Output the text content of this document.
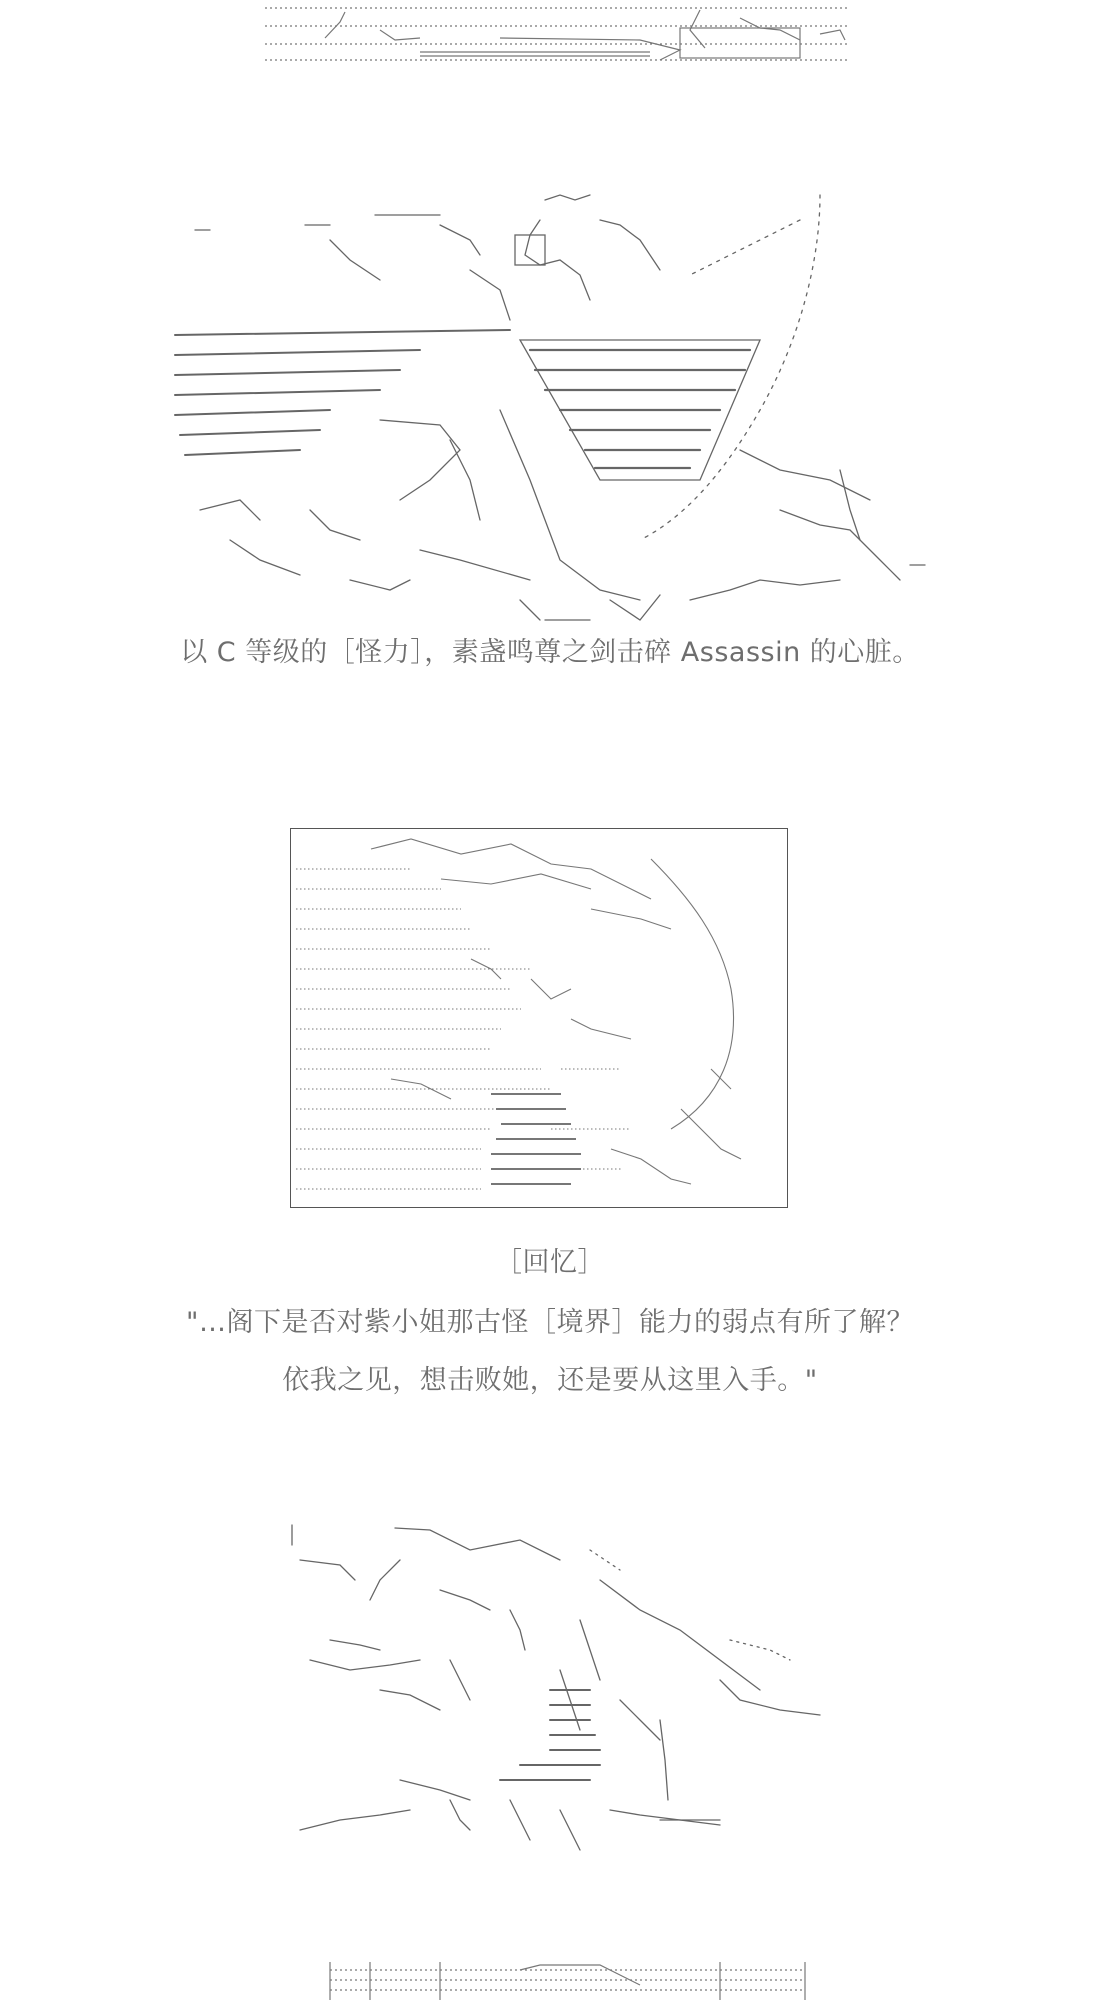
以 C 等级的［怪力］，素盏鸣尊之剑击碎 Assassin 的心脏。
［回忆］
"…阁下是否对紫小姐那古怪［境界］能力的弱点有所了解？
依我之见，想击败她，还是要从这里入手。"
